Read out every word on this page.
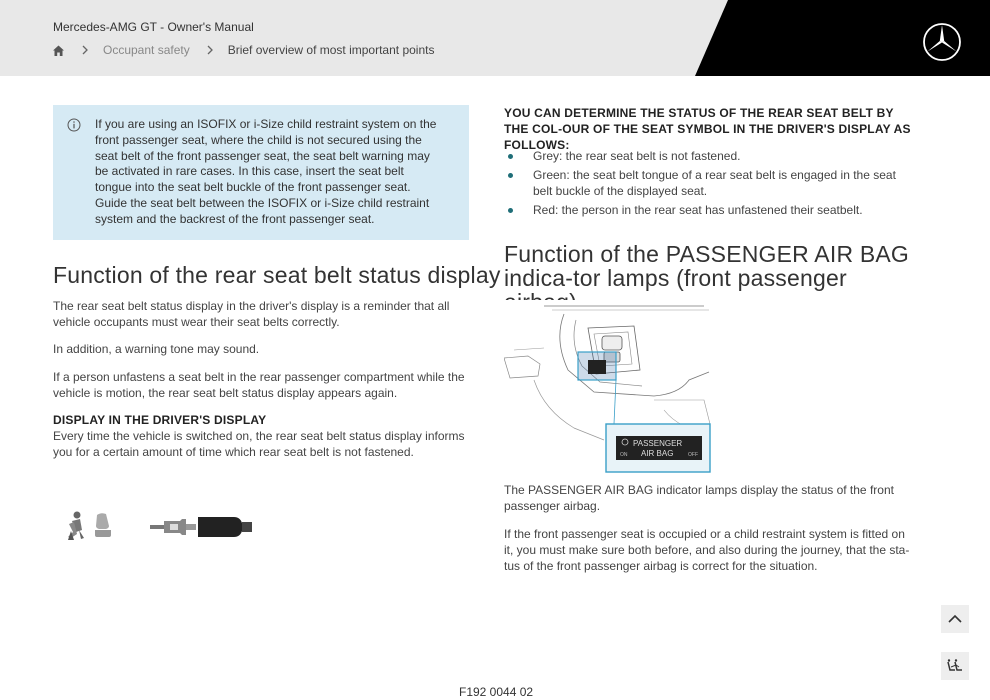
Mercedes-AMG GT - Owner's Manual
Occupant safety	Brief overview of most important points

If you are using an ISOFIX or i-Size child restraint system on the front passenger seat, where the child is not secured using the seat belt of the front passenger seat, the seat belt warning may be activated in rare cases. In this case, insert the seat belt tongue into the seat belt buckle of the front passenger seat. Guide the seat belt between the ISOFIX or i-Size child restraint system and the backrest of the front passenger seat.

Function of the rear seat belt status display

The rear seat belt status display in the driver's display is a reminder that all vehicle occupants must wear their seat belts correctly.

In addition, a warning tone may sound.

If a person unfastens a seat belt in the rear passenger compartment while the vehicle is motion, the rear seat belt status display appears again.

DISPLAY IN THE DRIVER'S DISPLAY

Every time the vehicle is switched on, the rear seat belt status display informs you for a certain amount of time which rear seat belt is not fastened.

YOU CAN DETERMINE THE STATUS OF THE REAR SEAT BELT BY THE COL-OUR OF THE SEAT SYMBOL IN THE DRIVER'S DISPLAY AS FOLLOWS:
Grey: the rear seat belt is not fastened.
Green: the seat belt tongue of a rear seat belt is engaged in the seat belt buckle of the displayed seat.
Red: the person in the rear seat has unfastened their seatbelt.
Function of the PASSENGER AIR BAG indica-tor lamps (front passenger
PASSENGER
AIR BAG
ON	OFF

The PASSENGER AIR BAG indicator lamps display the status of the front passenger airbag.

If the front passenger seat is occupied or a child restraint system is fitted on it, you must make sure both before, and also during the journey, that the sta-tus of the front passenger airbag is correct for the situation.

F192 0044 02
